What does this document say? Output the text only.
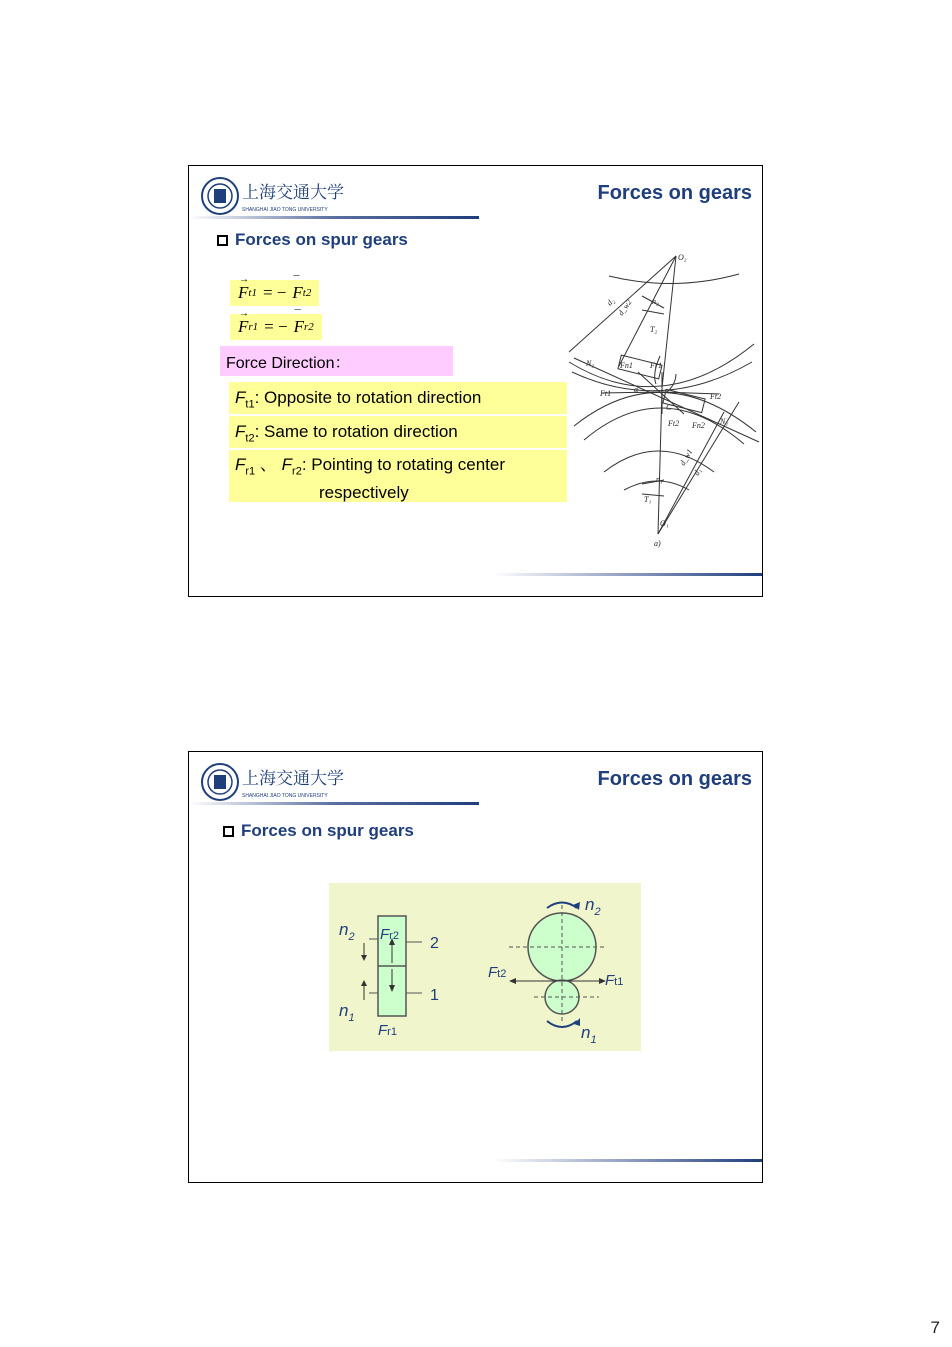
上海交通大学
SHANGHAI JIAO TONG UNIVERSITY
Forces on gears
Forces on spur gears
F
→
t1 = − F
¯
t2
F
→
r1 = − F
¯
r2
Force Direction：
$F_{t1}$: Opposite to rotation direction
$F_{t2}$: Same to rotation direction
$F_{r1}$ 、 $F_{r2}$: Pointing to rotating center
respectively
O₂
d₂ d_w2 n₂
T₂
N₂	Fn1 Fr1
Ft1	α
C
Ft2
Ft2 Fn2 N₁
n₁
d_w1
d₁
T₁
O₁
a)
上海交通大学
SHANGHAI JIAO TONG UNIVERSITY
Forces on gears
Forces on spur gears
$n_2$
$n_1$
Fr2
Fr1
2
1
$n_2$
$n_1$
Ft2	Ft1
7
